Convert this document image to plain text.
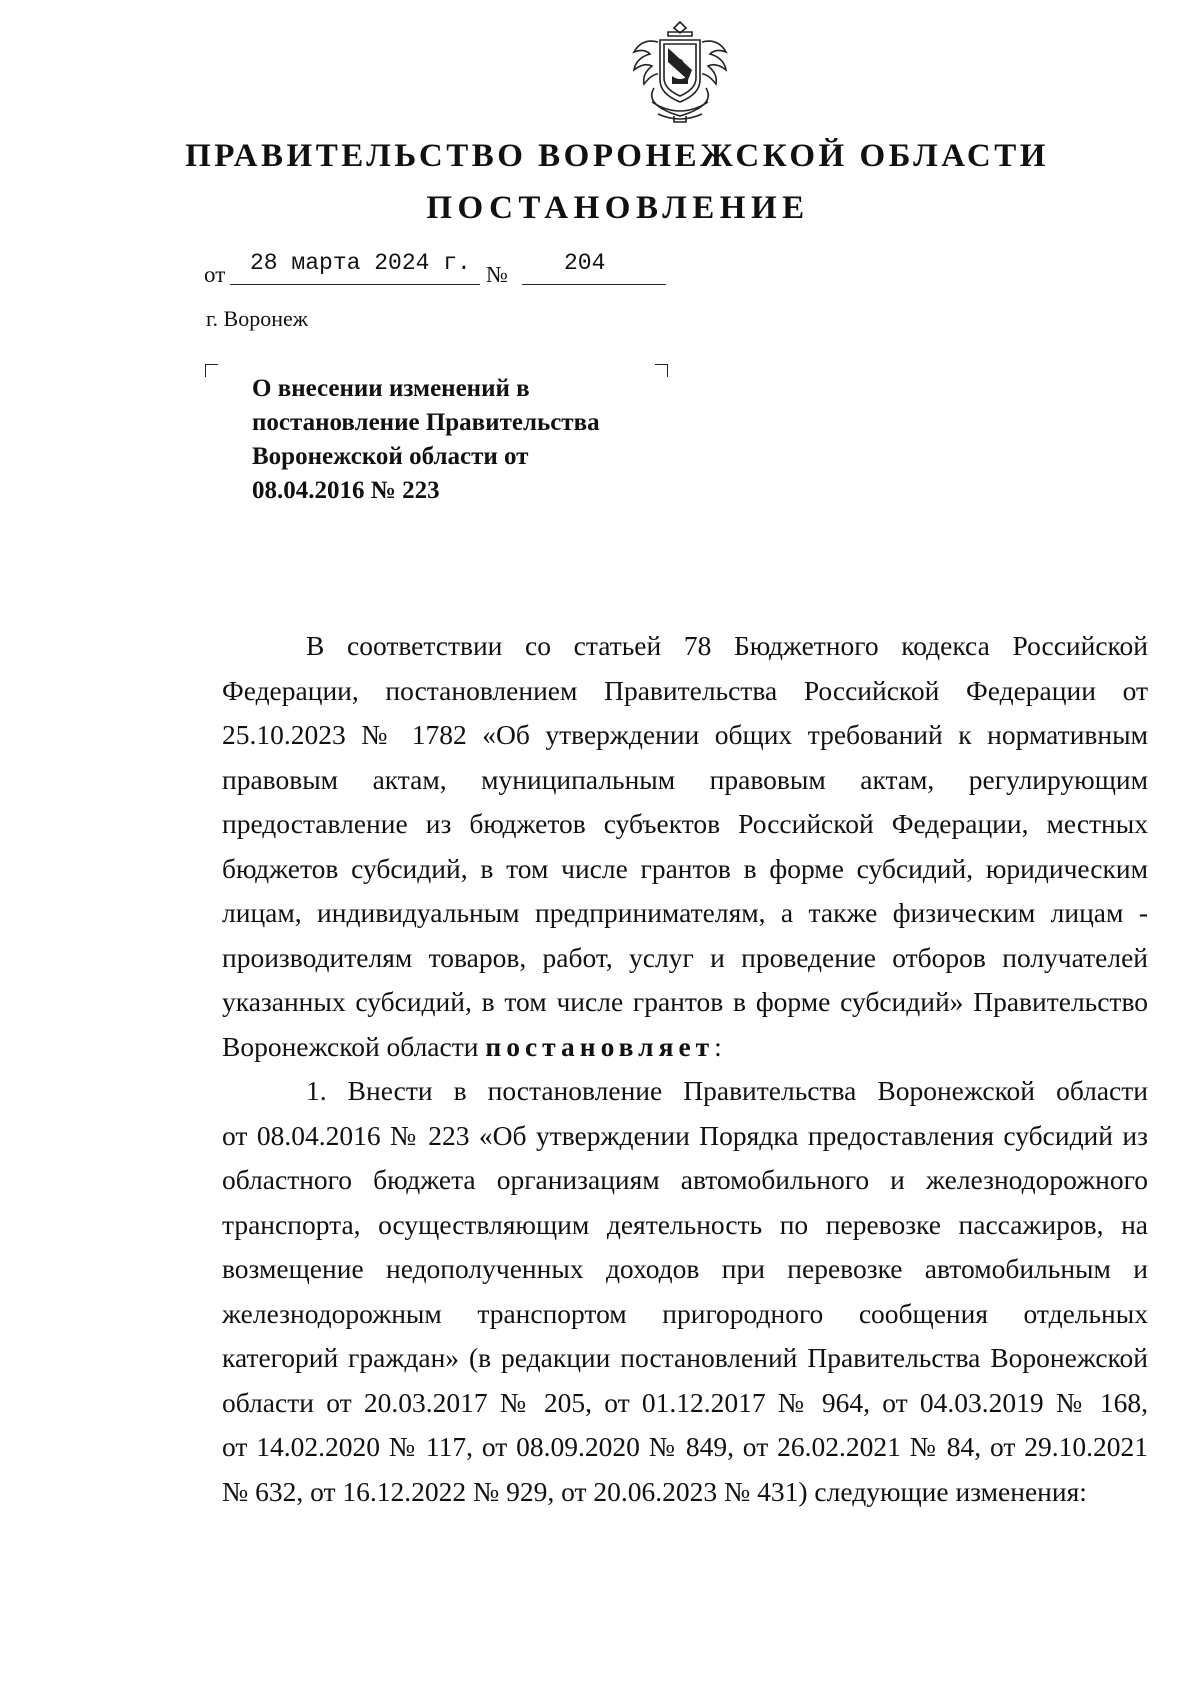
ПРАВИТЕЛЬСТВО ВОРОНЕЖСКОЙ ОБЛАСТИ
ПОСТАНОВЛЕНИЕ
от 28 марта 2024 г. № 204
г. Воронеж
О внесении изменений в
постановление Правительства
Воронежской области от
08.04.2016 № 223
В соответствии со статьей 78 Бюджетного кодекса Российской
Федерации, постановлением Правительства Российской Федерации от
25.10.2023 № 1782 «Об утверждении общих требований к нормативным
правовым актам, муниципальным правовым актам, регулирующим
предоставление из бюджетов субъектов Российской Федерации, местных
бюджетов субсидий, в том числе грантов в форме субсидий, юридическим
лицам, индивидуальным предпринимателям, а также физическим лицам -
производителям товаров, работ, услуг и проведение отборов получателей
указанных субсидий, в том числе грантов в форме субсидий» Правительство
Воронежской области постановляет:
1. Внести в постановление Правительства Воронежской области
от 08.04.2016 № 223 «Об утверждении Порядка предоставления субсидий из
областного бюджета организациям автомобильного и железнодорожного
транспорта, осуществляющим деятельность по перевозке пассажиров, на
возмещение недополученных доходов при перевозке автомобильным и
железнодорожным транспортом пригородного сообщения отдельных
категорий граждан» (в редакции постановлений Правительства Воронежской
области от 20.03.2017 № 205, от 01.12.2017 № 964, от 04.03.2019 № 168,
от 14.02.2020 № 117, от 08.09.2020 № 849, от 26.02.2021 № 84, от 29.10.2021
№ 632, от 16.12.2022 № 929, от 20.06.2023 № 431) следующие изменения:
